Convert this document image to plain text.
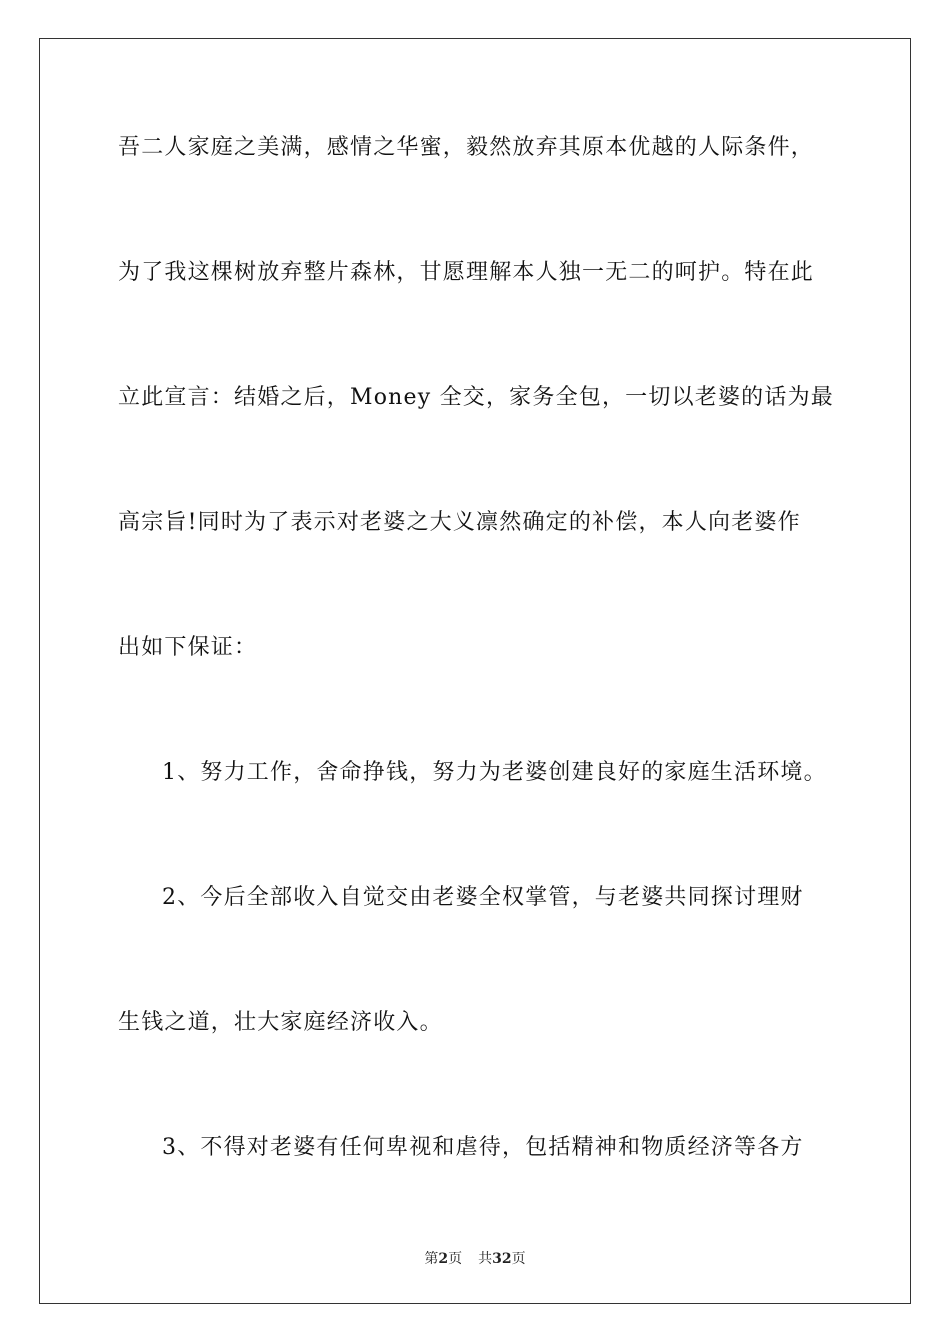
吾二人家庭之美满，感情之华蜜，毅然放弃其原本优越的人际条件，
为了我这棵树放弃整片森林，甘愿理解本人独一无二的呵护。特在此
立此宣言：结婚之后，Money 全交，家务全包，一切以老婆的话为最
高宗旨!同时为了表示对老婆之大义凛然确定的补偿，本人向老婆作
出如下保证：
1、努力工作，舍命挣钱，努力为老婆创建良好的家庭生活环境。
2、今后全部收入自觉交由老婆全权掌管，与老婆共同探讨理财
生钱之道，壮大家庭经济收入。
3、不得对老婆有任何卑视和虐待，包括精神和物质经济等各方
第2页 共32页
